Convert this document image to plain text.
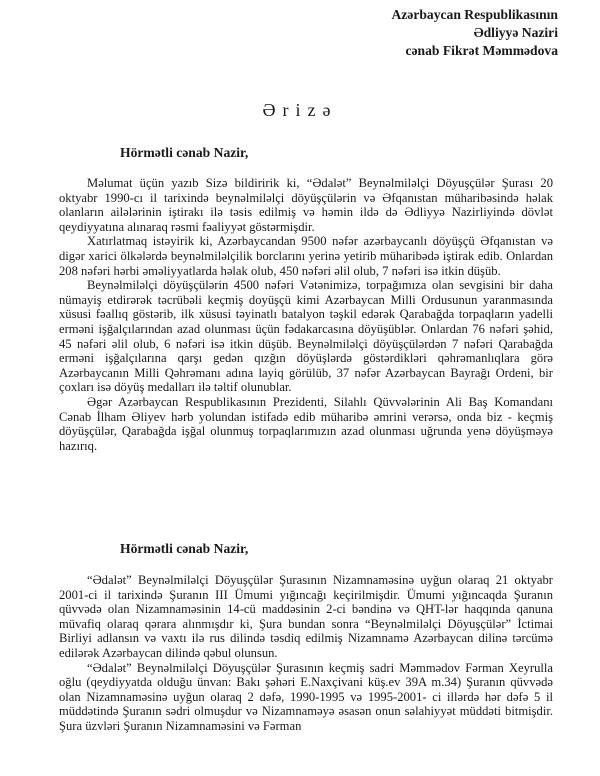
Azərbaycan Respublikasının
Ədliyyə Naziri
cənab Fikrət Məmmədova
Ərizə
Hörmətli cənab Nazir,

Məlumat üçün yazıb Sizə bildiririk ki, “Ədalət” Beynəlmiləlçi Döyuşçülər Şurası 20 oktyabr 1990-cı il tarixində beynəlmiləlçi döyüşçülərin və Əfqanıstan müharibəsində həlak olanların ailələrinin iştirakı ilə təsis edilmiş və həmin ildə də Ədliyyə Nazirliyində dövlət qeydiyyatına alınaraq rəsmi fəaliyyət göstərmişdir.

Xatırlatmaq istəyirik ki, Azərbaycandan 9500 nəfər azərbaycanlı döyüşçü Əfqanıstan və digər xarici ölkələrdə beynəlmiləlçilik borclarını yerinə yetirib müharibədə iştirak edib. Onlardan 208 nəfəri hərbi əməliyyatlarda həlak olub, 450 nəfəri əlil olub, 7 nəfəri isə itkin düşüb.

Beynəlmiləlçi döyüşçülərin 4500 nəfəri Vətənimizə, torpağımıza olan sevgisini bir daha nümayiş etdirərək təcrübəli keçmiş doyüşçü kimi Azərbaycan Milli Ordusunun yaranmasında xüsusi fəallıq göstərib, ilk xüsusi təyinatlı batalyon təşkil edərək Qarabağda torpaqların yadelli erməni işğalçılarından azad olunması üçün fədakarcasına döyüşüblər. Onlardan 76 nəfəri şəhid, 45 nəfəri əlil olub, 6 nəfəri isə itkin düşüb. Beynəlmiləlçi döyüşçülərdən 7 nəfəri Qarabağda erməni işğalçılarına qarşı gedən qızğın döyüşlərdə göstərdikləri qəhrəmanlıqlara görə Azərbaycanın Milli Qəhrəmanı adına layiq görülüb, 37 nəfər Azərbaycan Bayrağı Ordeni, bir çoxları isə döyüş medalları ilə təltif olunublar.

Əgər Azərbaycan Respublikasının Prezidenti, Silahlı Qüvvələrinin Ali Baş Komandanı Cənab İlham Əliyev hərb yolundan istifadə edib müharibə əmrini verərsə, onda biz - keçmiş döyüşçülər, Qarabağda işğal olunmuş torpaqlarımızın azad olunması uğrunda yenə döyüşməyə hazırıq.

Hörmətli cənab Nazir,

“Ədalət” Beynəlmiləlçi Döyuşçülər Şurasının Nizamnaməsinə uyğun olaraq 21 oktyabr 2001-ci il tarixində Şuranın III Ümumi yığıncağı keçirilmişdir. Ümumi yığıncaqda Şuranın qüvvədə olan Nizamnaməsinin 14-cü maddəsinin 2-ci bəndinə və QHT-lər haqqında qanuna müvafiq olaraq qərara alınmışdır ki, Şura bundan sonra “Beynəlmiləlçi Döyuşçülər” İctimai Birliyi adlansın və vaxtı ilə rus dilində təsdiq edilmiş Nizamnamə Azərbaycan dilinə tərcümə edilərək Azərbaycan dilində qəbul olunsun.

“Ədalət” Beynəlmiləlçi Döyuşçülər Şurasının keçmiş sadri Məmmədov Fərman Xeyrulla oğlu (qeydiyyatda olduğu ünvan: Bakı şəhəri E.Naxçivani küş.ev 39A m.34) Şuranın qüvvədə olan Nizamnaməsinə uyğun olaraq 2 dəfə, 1990-1995 və 1995-2001- ci illərdə hər dəfə 5 il müddətində Şuranın sədri olmuşdur və Nizamnaməyə əsasən onun səlahiyyət müddəti bitmişdir. Şura üzvləri Şuranın Nizamnaməsini və Fərman
